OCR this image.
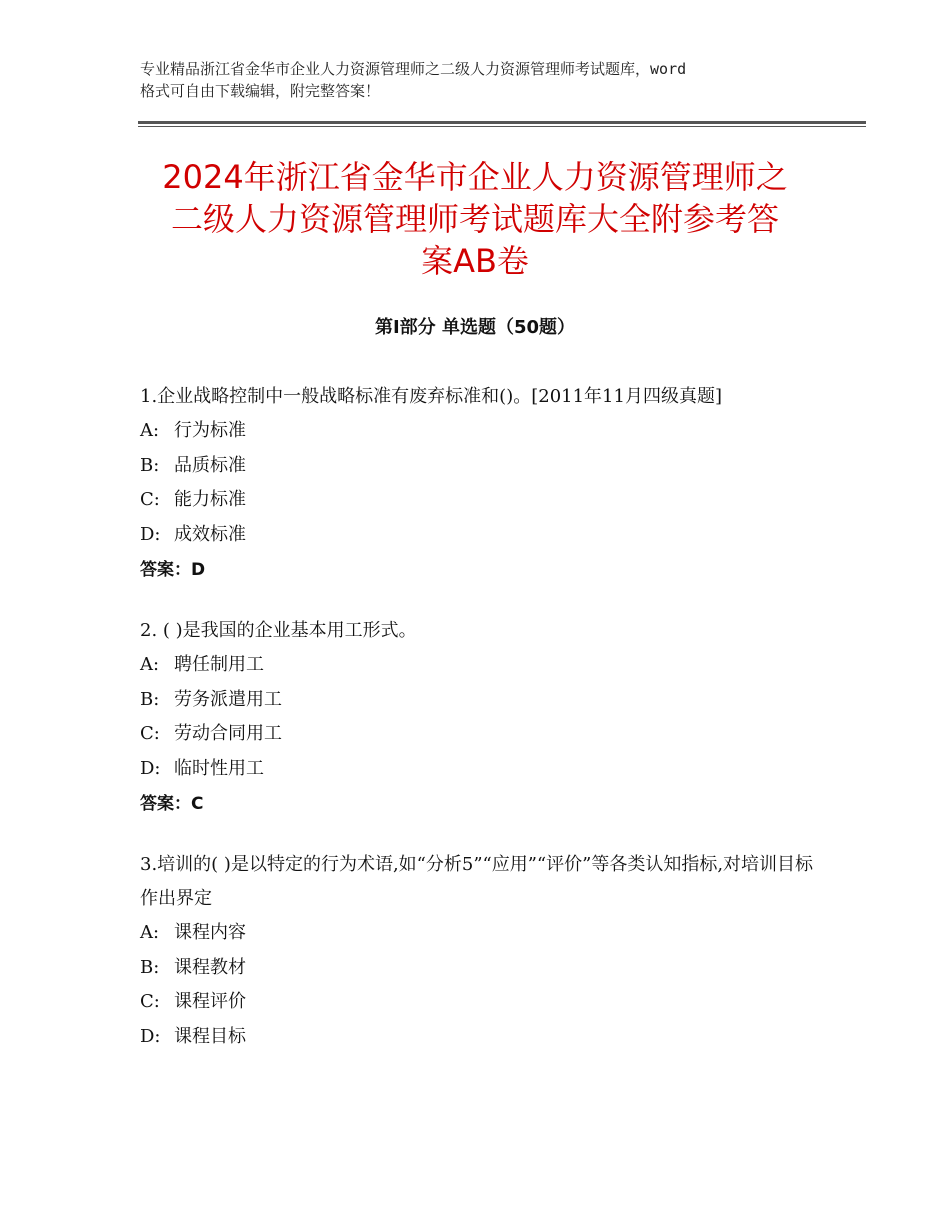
专业精品浙江省金华市企业人力资源管理师之二级人力资源管理师考试题库，word
格式可自由下载编辑，附完整答案！
2024年浙江省金华市企业人力资源管理师之
二级人力资源管理师考试题库大全附参考答
案AB卷
第Ⅰ部分 单选题（50题）
1.企业战略控制中一般战略标准有废弃标准和()。[2011年11月四级真题]
A: 行为标准
B: 品质标准
C: 能力标准
D: 成效标准
答案：D
2. ( )是我国的企业基本用工形式。
A: 聘任制用工
B: 劳务派遣用工
C: 劳动合同用工
D: 临时性用工
答案：C
3.培训的( )是以特定的行为术语,如“分析5”“应用”“评价”等各类认知指标,对培训目标作出界定
A: 课程内容
B: 课程教材
C: 课程评价
D: 课程目标
